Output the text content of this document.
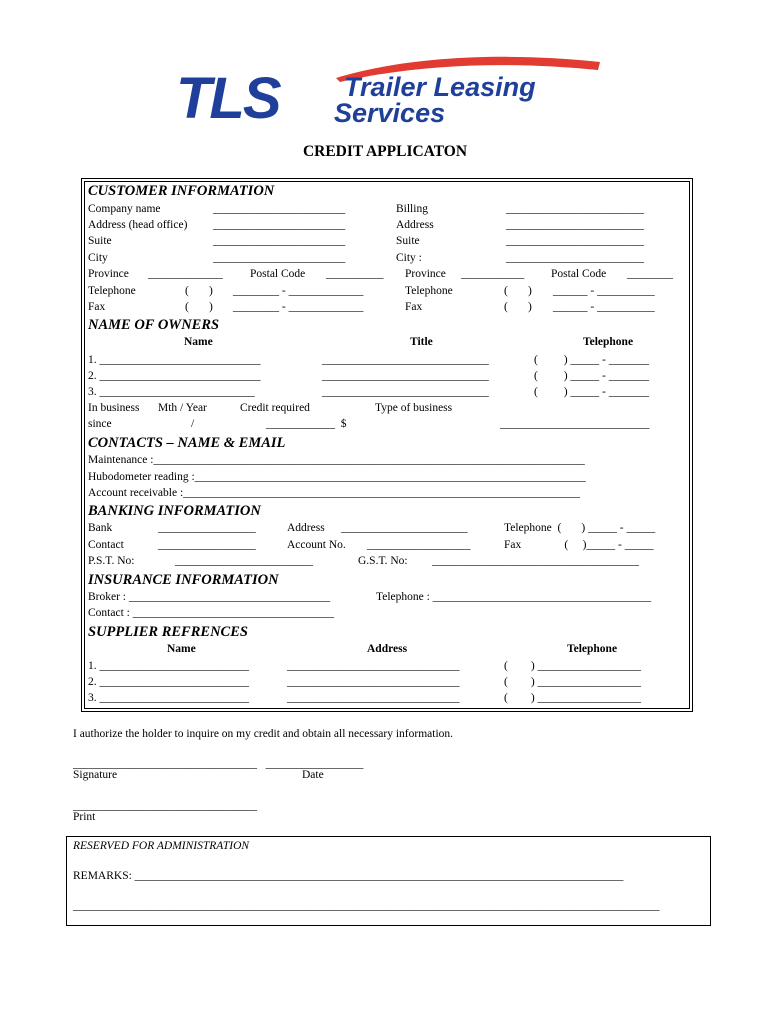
TLS Trailer Leasing
Services
CREDIT APPLICATON
CUSTOMER INFORMATION
Company name	_______________________	Billing	________________________
Address (head office) _______________________	Address	________________________
Suite	_______________________	Suite	________________________
City	_______________________	City :	________________________
Province _____________ Postal Code __________ Province ___________ Postal Code ________
Telephone	(       ) ________ - _____________	Telephone	(       ) ______ - __________
Fax	(       ) ________ - _____________	Fax	(       ) ______ - __________
NAME OF OWNERS
Name	Title	Telephone
1. ____________________________	_____________________________	(         ) _____ - _______
2. ____________________________	_____________________________	(         ) _____ - _______
3. ___________________________	_____________________________	(         ) _____ - _______
In business Mth / Year	Credit required	Type of business
since	/	____________  $	__________________________
CONTACTS – NAME & EMAIL
Maintenance :___________________________________________________________________________
Hubodometer reading :____________________________________________________________________
Account receivable :_____________________________________________________________________
BANKING INFORMATION
Bank	_________________	Address ______________________	Telephone  (       ) _____ - _____
Contact	_________________	Account No. __________________	Fax               (     )_____ - _____
P.S.T. No:	________________________	G.S.T. No: ____________________________________
INSURANCE INFORMATION
Broker : ___________________________________	Telephone : ______________________________________
Contact : ___________________________________
SUPPLIER REFRENCES
Name	Address	Telephone
1. __________________________	______________________________	(        ) __________________
2. __________________________	______________________________	(        ) __________________
3. __________________________	______________________________	(        ) __________________
I authorize the holder to inquire on my credit and obtain all necessary information.
________________________________   _________________
Signature	Date
________________________________
Print
RESERVED FOR ADMINISTRATION
REMARKS: _____________________________________________________________________________________
______________________________________________________________________________________________________
